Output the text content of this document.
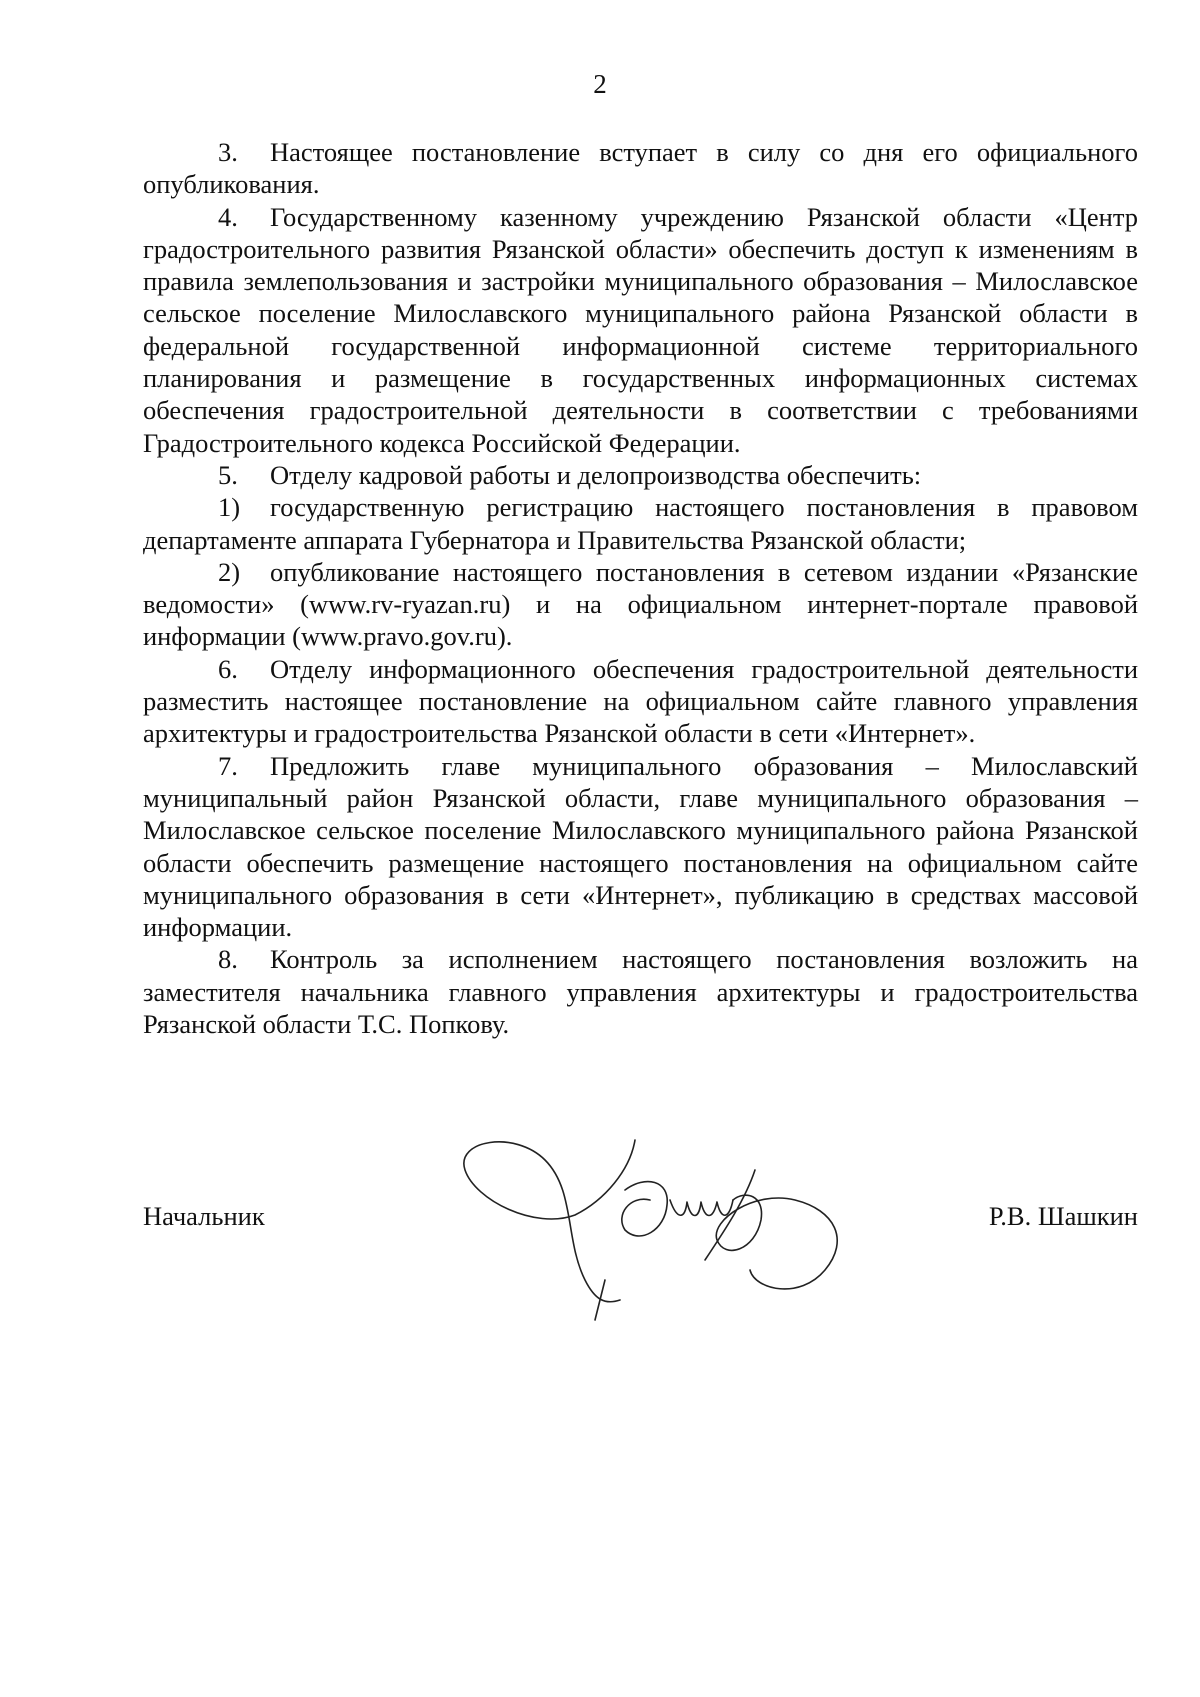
2

3. Настоящее постановление вступает в силу со дня его официального опубликования.

4. Государственному казенному учреждению Рязанской области «Центр градостроительного развития Рязанской области» обеспечить доступ к изменениям в правила землепользования и застройки муниципального образования – Милославское сельское поселение Милославского муниципального района Рязанской области в федеральной государственной информационной системе территориального планирования и размещение в государственных информационных системах обеспечения градостроительной деятельности в соответствии с требованиями Градостроительного кодекса Российской Федерации.

5. Отделу кадровой работы и делопроизводства обеспечить:

1) государственную регистрацию настоящего постановления в правовом департаменте аппарата Губернатора и Правительства Рязанской области;

2) опубликование настоящего постановления в сетевом издании «Рязанские ведомости» (www.rv-ryazan.ru) и на официальном интернет-портале правовой информации (www.pravo.gov.ru).

6. Отделу информационного обеспечения градостроительной деятельности разместить настоящее постановление на официальном сайте главного управления архитектуры и градостроительства Рязанской области в сети «Интернет».

7. Предложить главе муниципального образования – Милославский муниципальный район Рязанской области, главе муниципального образования – Милославское сельское поселение Милославского муниципального района Рязанской области обеспечить размещение настоящего постановления на официальном сайте муниципального образования в сети «Интернет», публикацию в средствах массовой информации.

8. Контроль за исполнением настоящего постановления возложить на заместителя начальника главного управления архитектуры и градостроительства Рязанской области Т.С. Попкову.

Начальник	Р.В. Шашкин
